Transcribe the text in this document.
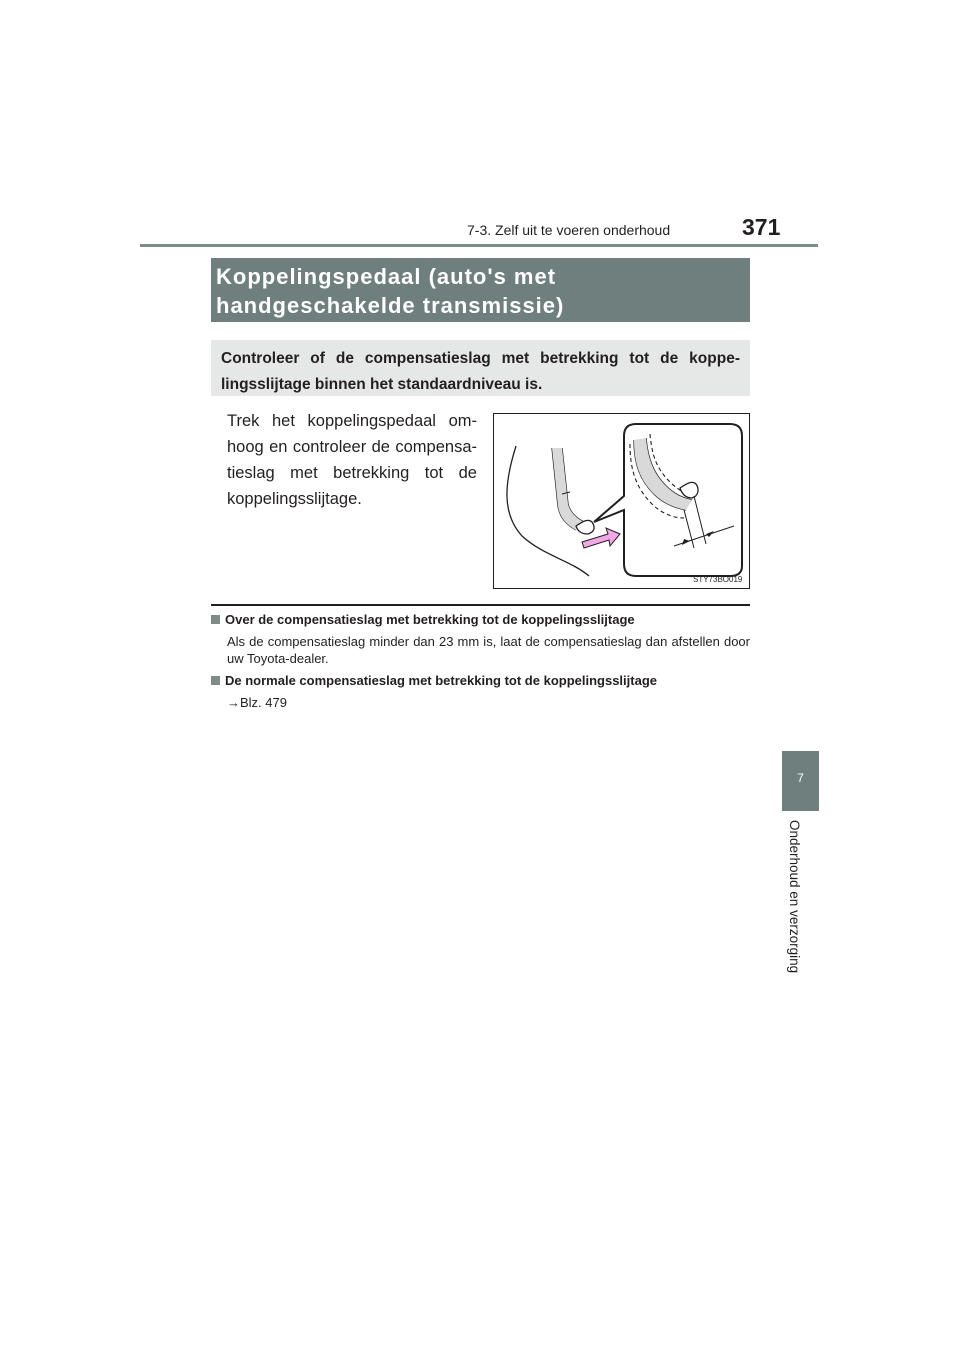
7-3. Zelf uit te voeren onderhoud	371
Koppelingspedaal (auto's met
handgeschakelde transmissie)
Controleer of de compensatieslag met betrekking tot de koppe- lingsslijtage binnen het standaardniveau is.
Trek het koppelingspedaal om- hoog en controleer de compensa- tieslag met betrekking tot de koppelingsslijtage.
STY73BO019
Over de compensatieslag met betrekking tot de koppelingsslijtage
Als de compensatieslag minder dan 23 mm is, laat de compensatieslag dan afstellen door uw Toyota-dealer.
De normale compensatieslag met betrekking tot de koppelingsslijtage
→Blz. 479
7
Onderhoud en verzorging
